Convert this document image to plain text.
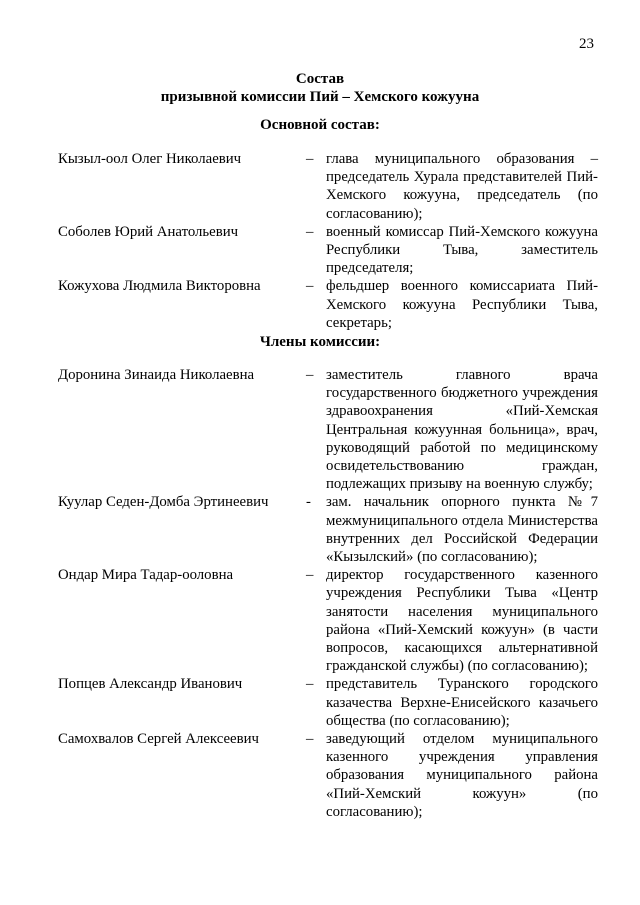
23
Состав
призывной комиссии Пий – Хемского кожууна
Основной состав:
Кызыл-оол Олег Николаевич	– глава муниципального образования – председатель Хурала представителей Пий-Хемского кожууна, председатель (по согласованию);
Соболев Юрий Анатольевич	– военный комиссар Пий-Хемского кожууна Республики Тыва, заместитель председателя;
Кожухова Людмила Викторовна	– фельдшер военного комиссариата Пий-Хемского кожууна Республики Тыва, секретарь;
Члены комиссии:
Доронина Зинаида Николаевна	– заместитель главного врача государственного бюджетного учреждения здравоохранения «Пий-Хемская Центральная кожуунная больница», врач, руководящий работой по медицинскому освидетельствованию граждан, подлежащих призыву на военную службу;
Куулар Седен-Домба Эртинеевич	-	зам. начальник опорного пункта №7 межмуниципального отдела Министерства внутренних дел Российской Федерации «Кызылский» (по согласованию);
Ондар Мира Тадар-ооловна	– директор государственного казенного учреждения Республики Тыва «Центр занятости населения муниципального района «Пий-Хемский кожуун» (в части вопросов, касающихся альтернативной гражданской службы) (по согласованию);
Попцев Александр Иванович	– представитель Туранского городского казачества Верхне-Енисейского казачьего общества (по согласованию);
Самохвалов Сергей Алексеевич	– заведующий отделом муниципального казенного учреждения управления образования муниципального района «Пий-Хемский кожуун» (по согласованию);
